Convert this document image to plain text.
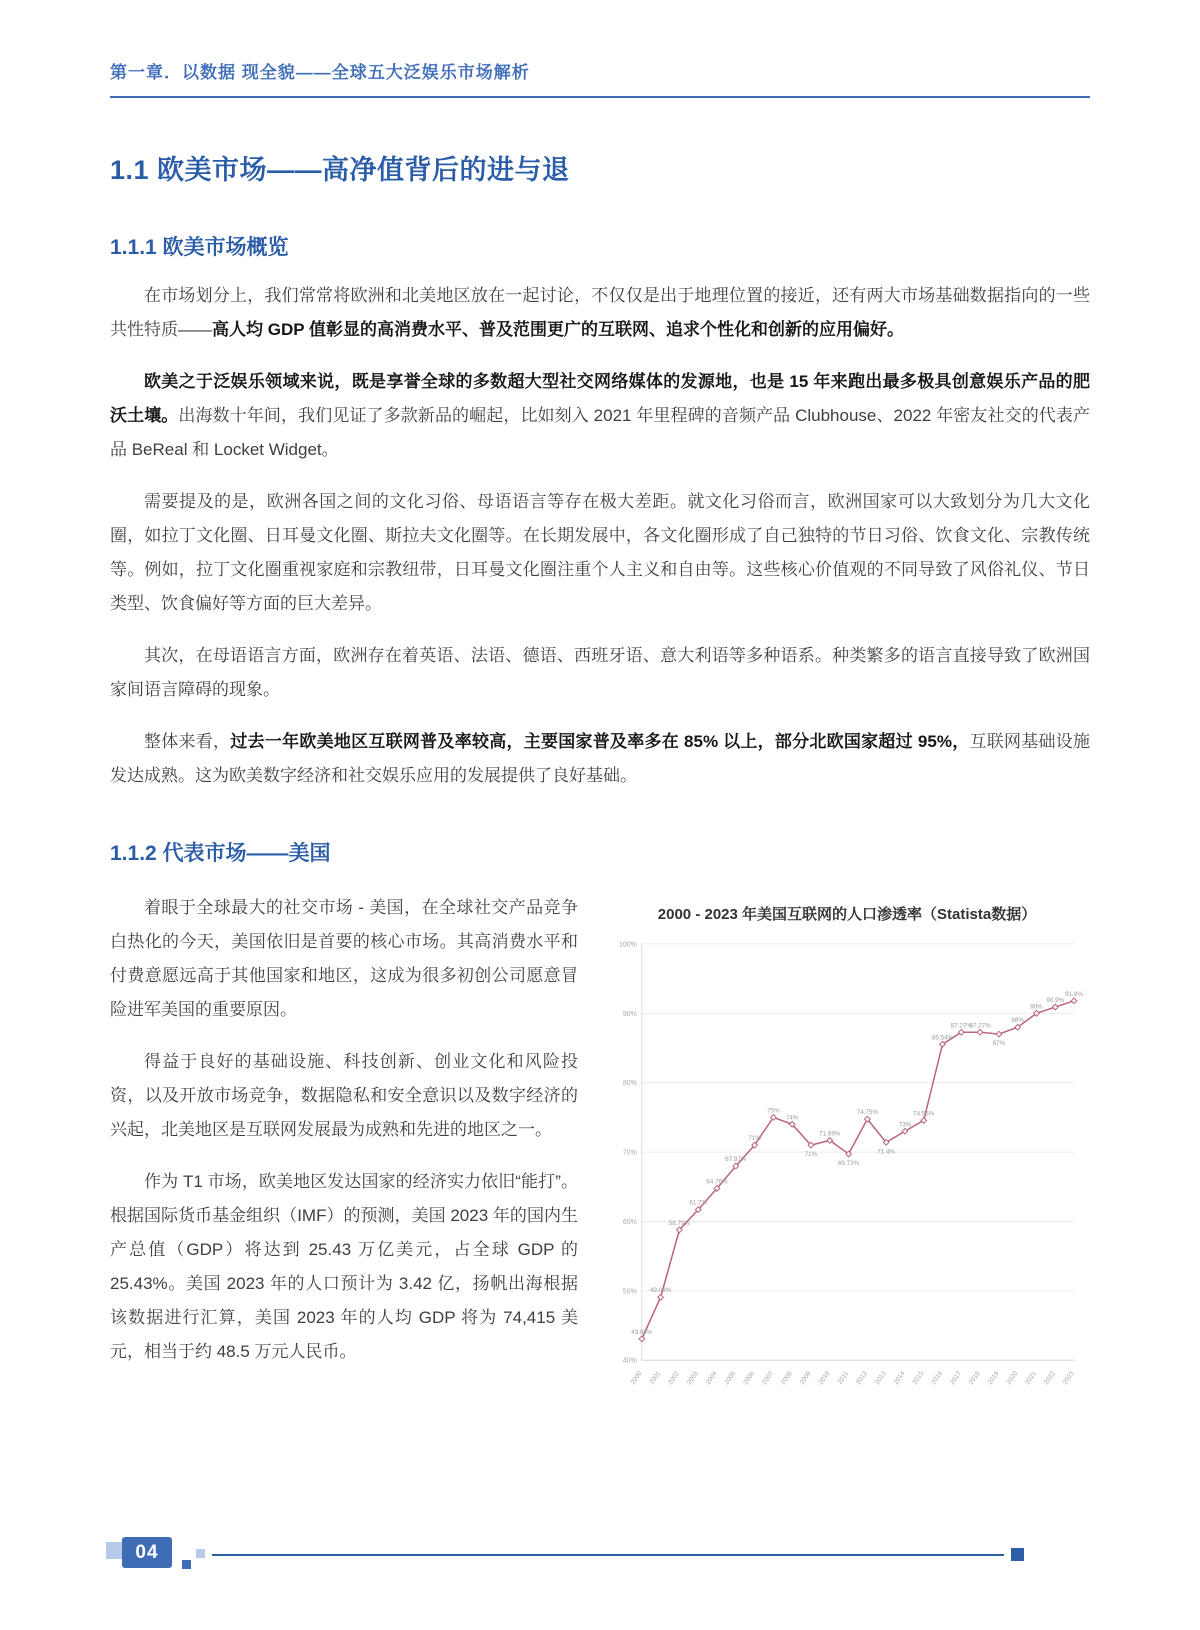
第一章．以数据 现全貌——全球五大泛娱乐市场解析
1.1 欧美市场——高净值背后的进与退
1.1.1 欧美市场概览

在市场划分上，我们常常将欧洲和北美地区放在一起讨论，不仅仅是出于地理位置的接近，还有两大市场基础数据指向的一些共性特质——高人均 GDP 值彰显的高消费水平、普及范围更广的互联网、追求个性化和创新的应用偏好。

欧美之于泛娱乐领域来说，既是享誉全球的多数超大型社交网络媒体的发源地，也是 15 年来跑出最多极具创意娱乐产品的肥沃土壤。出海数十年间，我们见证了多款新品的崛起，比如刻入 2021 年里程碑的音频产品 Clubhouse、2022 年密友社交的代表产品 BeReal 和 Locket Widget。

需要提及的是，欧洲各国之间的文化习俗、母语语言等存在极大差距。就文化习俗而言，欧洲国家可以大致划分为几大文化圈，如拉丁文化圈、日耳曼文化圈、斯拉夫文化圈等。在长期发展中，各文化圈形成了自己独特的节日习俗、饮食文化、宗教传统等。例如，拉丁文化圈重视家庭和宗教纽带，日耳曼文化圈注重个人主义和自由等。这些核心价值观的不同导致了风俗礼仪、节日类型、饮食偏好等方面的巨大差异。

其次，在母语语言方面，欧洲存在着英语、法语、德语、西班牙语、意大利语等多种语系。种类繁多的语言直接导致了欧洲国家间语言障碍的现象。

整体来看，过去一年欧美地区互联网普及率较高，主要国家普及率多在 85% 以上，部分北欧国家超过 95%，互联网基础设施发达成熟。这为欧美数字经济和社交娱乐应用的发展提供了良好基础。

1.1.2 代表市场——美国

着眼于全球最大的社交市场 - 美国，在全球社交产品竞争白热化的今天，美国依旧是首要的核心市场。其高消费水平和付费意愿远高于其他国家和地区，这成为很多初创公司愿意冒险进军美国的重要原因。

得益于良好的基础设施、科技创新、创业文化和风险投资，以及开放市场竞争，数据隐私和安全意识以及数字经济的兴起，北美地区是互联网发展最为成熟和先进的地区之一。

作为 T1 市场，欧美地区发达国家的经济实力依旧“能打”。根据国际货币基金组织（IMF）的预测，美国 2023 年的国内生产总值（GDP）将达到 25.43 万亿美元，占全球 GDP 的 25.43%。美国 2023 年的人口预计为 3.42 亿，扬帆出海根据该数据进行汇算，美国 2023 年的人均 GDP 将为 74,415 美元，相当于约 48.5 万元人民币。

2000 - 2023 年美国互联网的人口渗透率（Statista数据）
40%
50%
60%
70%
80%
90%
100%
2000 2001 2002 2003 2004 2005 2006 2007 2008 2009 2010 2011 2012 2013 2014 2015 2016 2017 2018 2019 2020 2021 2022 2023
43.08%
49.08%
58.79%
61.7%
64.76%
67.97%
71%
75%
74%
71%
71.69%
69.73%
74.75%
71.4%
73%
74.56%
85.54%
87.27%
87.27%
87%
88%
90%
90.9%
91.8%
04
